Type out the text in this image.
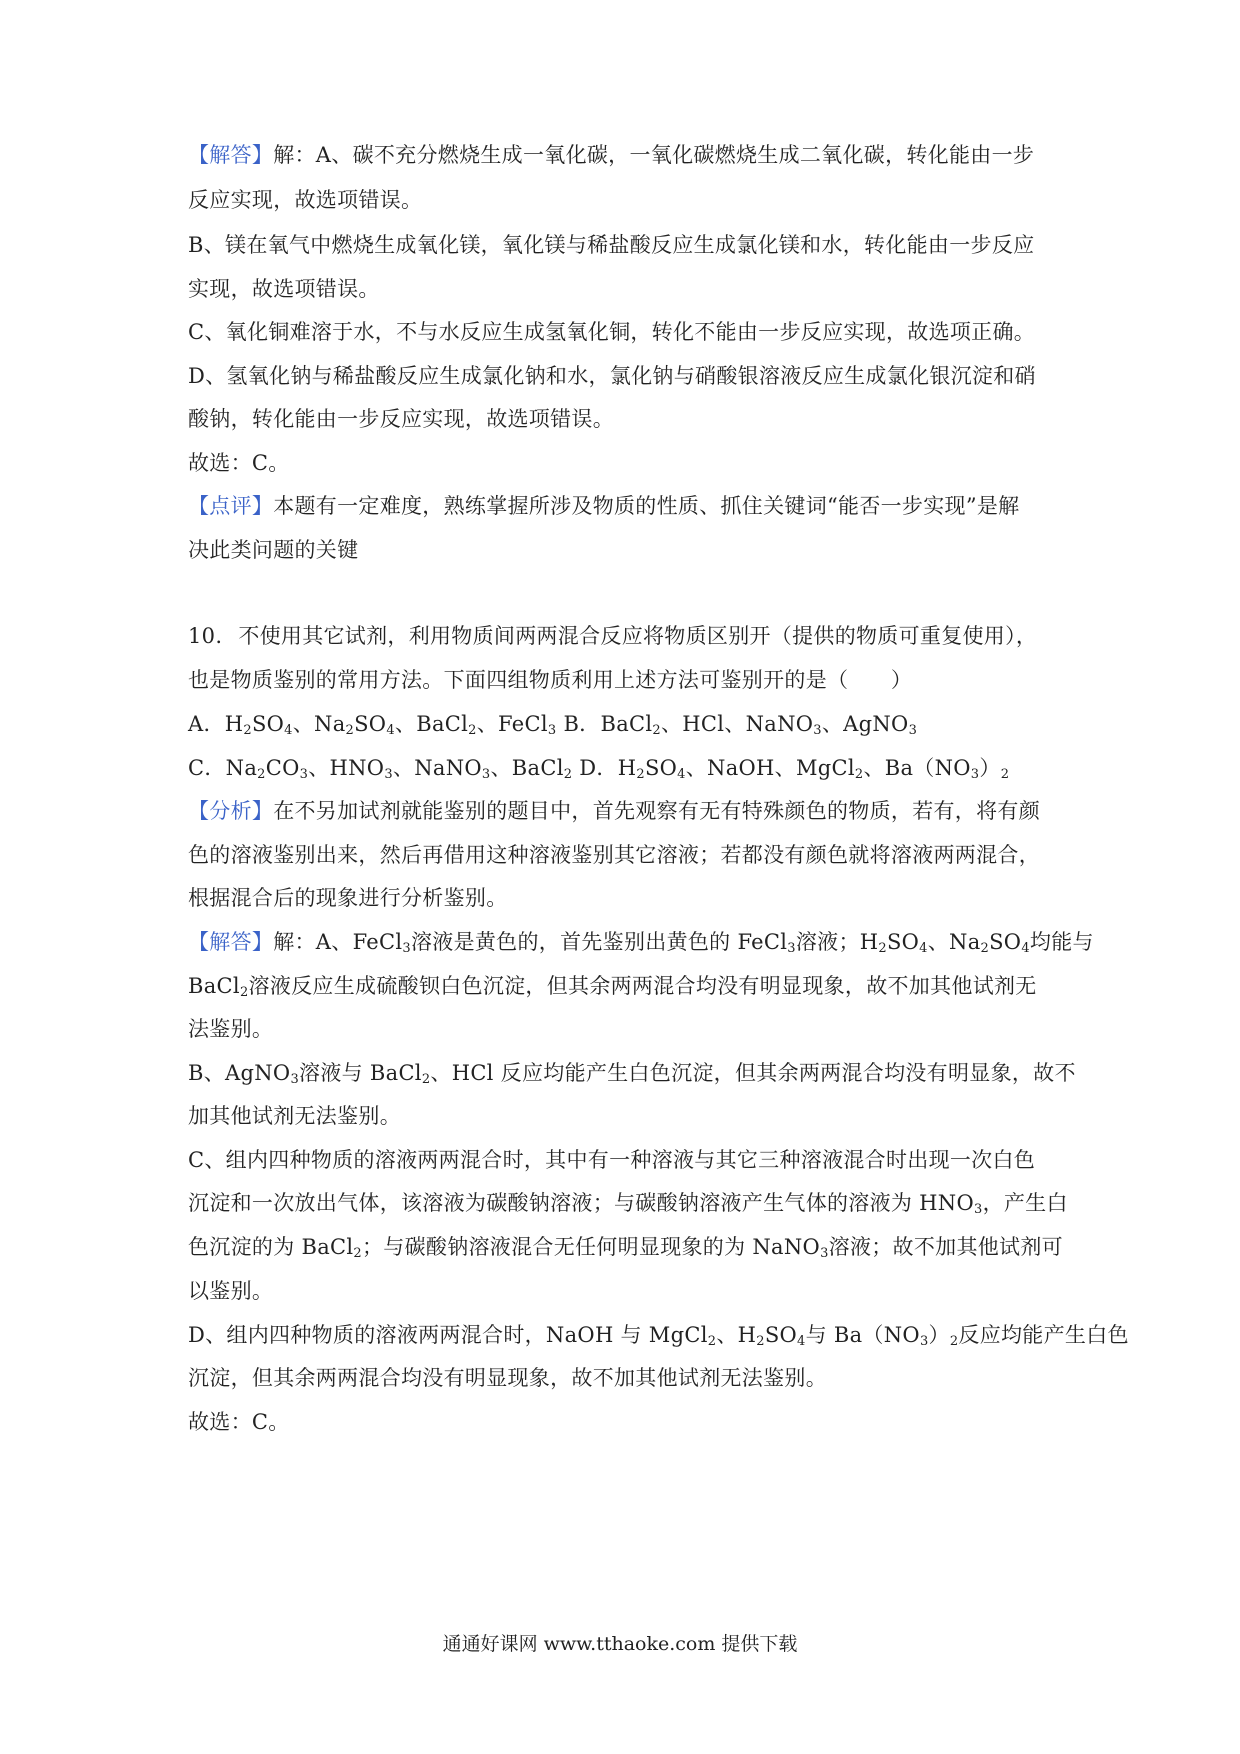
【解答】解：A、碳不充分燃烧生成一氧化碳，一氧化碳燃烧生成二氧化碳，转化能由一步
反应实现，故选项错误。
B、镁在氧气中燃烧生成氧化镁，氧化镁与稀盐酸反应生成氯化镁和水，转化能由一步反应
实现，故选项错误。
C、氧化铜难溶于水，不与水反应生成氢氧化铜，转化不能由一步反应实现，故选项正确。
D、氢氧化钠与稀盐酸反应生成氯化钠和水，氯化钠与硝酸银溶液反应生成氯化银沉淀和硝
酸钠，转化能由一步反应实现，故选项错误。
故选：C。
【点评】本题有一定难度，熟练掌握所涉及物质的性质、抓住关键词“能否一步实现”是解
决此类问题的关键
10. 不使用其它试剂，利用物质间两两混合反应将物质区别开（提供的物质可重复使用），
也是物质鉴别的常用方法。下面四组物质利用上述方法可鉴别开的是（　　）
A．$H_2SO_4$、$Na_2SO_4$、BaCl$_2$、FeCl$_3$ B．BaCl$_2$、HCl、NaNO$_3$、AgNO$_3$
C．$Na_2CO_3$、$HNO_3$、NaNO$_3$、BaCl$_2$ D．$H_2SO_4$、NaOH、MgCl$_2$、$Ba(NO_3)_2$
【分析】在不另加试剂就能鉴别的题目中，首先观察有无有特殊颜色的物质，若有，将有颜
色的溶液鉴别出来，然后再借用这种溶液鉴别其它溶液；若都没有颜色就将溶液两两混合，
根据混合后的现象进行分析鉴别。
【解答】解：A、FeCl$_3$溶液是黄色的，首先鉴别出黄色的 FeCl$_3$溶液；$H_2SO_4$、$Na_2SO_4$均能与
BaCl$_2$溶液反应生成硫酸钡白色沉淀，但其余两两混合均没有明显现象，故不加其他试剂无
法鉴别。
B、AgNO$_3$溶液与 BaCl$_2$、HCl 反应均能产生白色沉淀，但其余两两混合均没有明显象，故不
加其他试剂无法鉴别。
C、组内四种物质的溶液两两混合时，其中有一种溶液与其它三种溶液混合时出现一次白色
沉淀和一次放出气体，该溶液为碳酸钠溶液；与碳酸钠溶液产生气体的溶液为 $HNO_3$，产生白
色沉淀的为 BaCl$_2$；与碳酸钠溶液混合无任何明显现象的为 NaNO$_3$溶液；故不加其他试剂可
以鉴别。
D、组内四种物质的溶液两两混合时，NaOH 与 MgCl$_2$、$H_2SO_4$与 $Ba(NO_3)_2$反应均能产生白色
沉淀，但其余两两混合均没有明显现象，故不加其他试剂无法鉴别。
故选：C。
通通好课网 www.tthaoke.com 提供下载
